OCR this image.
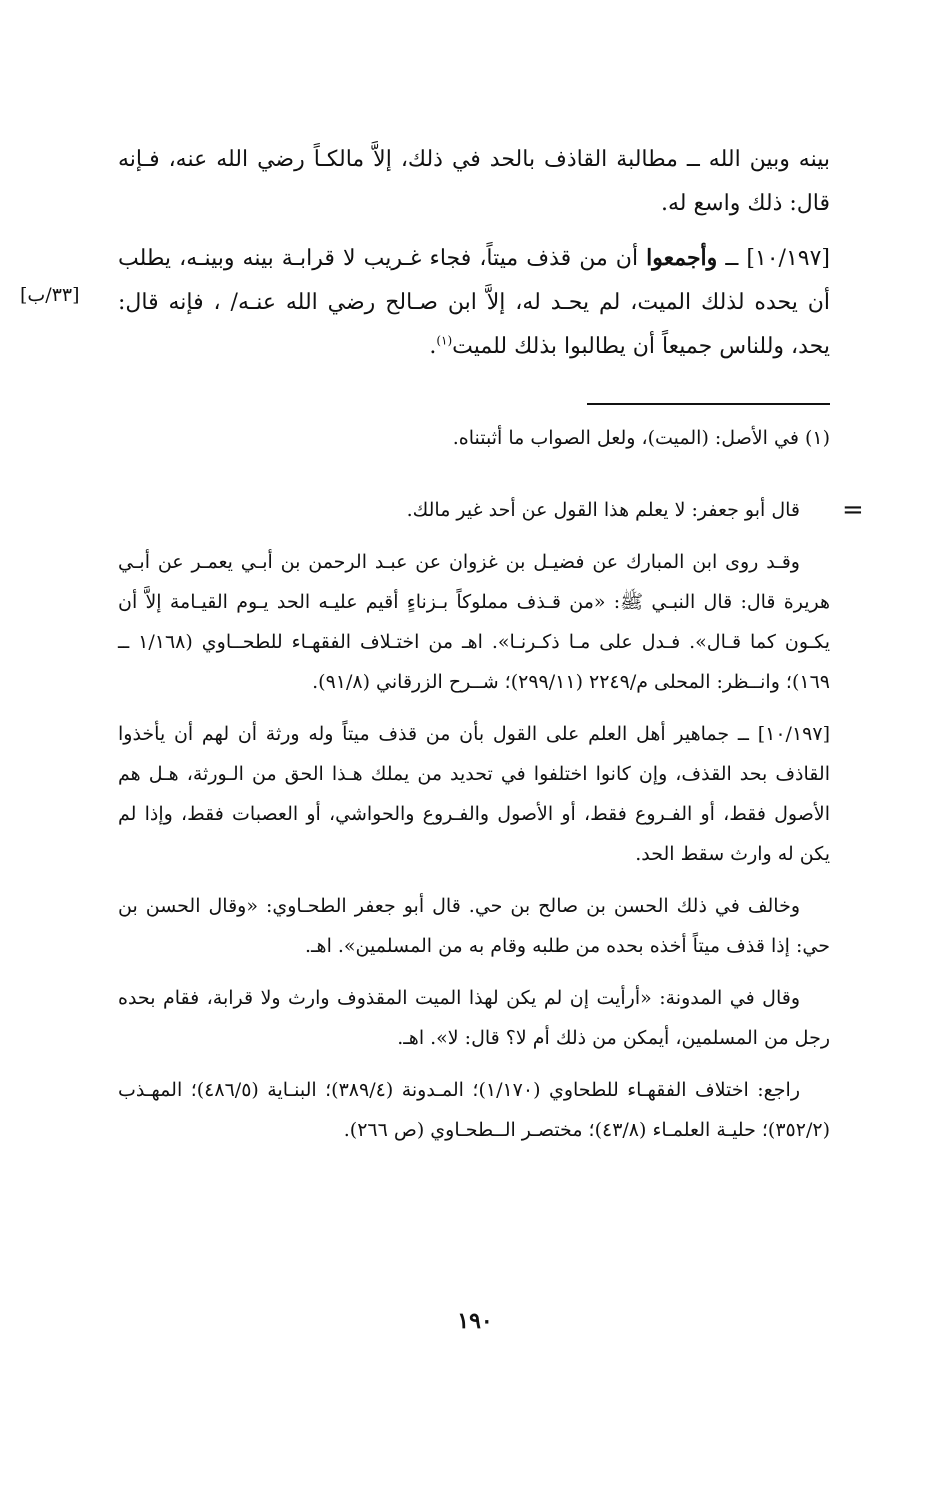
بينه وبين الله ــ مطالبة القاذف بالحد في ذلك، إلاَّ مالكـاً رضي الله عنه، فـإنه قال: ذلك واسع له.

[١٠/١٩٧] ــ وأجمعوا أن من قذف ميتاً، فجاء غـريب لا قرابـة بينه وبينـه، يطلب أن يحده لذلك الميت، لم يحـد له، إلاَّ ابن صـالح رضي الله عنـه/ ، فإنه قال: يحد، وللناس جميعاً أن يطالبوا بذلك للميت$^{(١)}$.

[٣٣/ب]
(١) في الأصل: (الميت)، ولعل الصواب ما أثبتناه.
=

قال أبو جعفر: لا يعلم هذا القول عن أحد غير مالك.

وقـد روى ابن المبارك عن فضيـل بن غزوان عن عبـد الرحمن بن أبـي يعمـر عن أبـي هريرة قال: قال النبـي ﷺ: «من قـذف مملوكاً بـزناءٍ أقيم عليـه الحد يـوم القيـامة إلاَّ أن يكـون كما قـال». فـدل على مـا ذكـرنـا». اهـ من اختـلاف الفقهـاء للطحــاوي (١/١٦٨ ــ ١٦٩)؛ وانــظر: المحلى م/٢٢٤٩ (٢٩٩/١١)؛ شــرح الزرقاني (٩١/٨).

[١٠/١٩٧] ــ جماهير أهل العلم على القول بأن من قذف ميتاً وله ورثة أن لهم أن يأخذوا القاذف بحد القذف، وإن كانوا اختلفوا في تحديد من يملك هـذا الحق من الـورثة، هـل هم الأصول فقط، أو الفـروع فقط، أو الأصول والفـروع والحواشي، أو العصبات فقط، وإذا لم يكن له وارث سقط الحد.

وخالف في ذلك الحسن بن صالح بن حي. قال أبو جعفر الطحـاوي: «وقال الحسن بن حي: إذا قذف ميتاً أخذه بحده من طلبه وقام به من المسلمين». اهـ.

وقال في المدونة: «أرأيت إن لم يكن لهذا الميت المقذوف وارث ولا قرابة، فقام بحده رجل من المسلمين، أيمكن من ذلك أم لا؟ قال: لا». اهـ.

راجع: اختلاف الفقهـاء للطحاوي (١/١٧٠)؛ المـدونة (٣٨٩/٤)؛ البنـاية (٤٨٦/٥)؛ المهـذب (٣٥٢/٢)؛ حليـة العلمـاء (٤٣/٨)؛ مختصـر الــطحـاوي (ص ٢٦٦).

١٩٠
